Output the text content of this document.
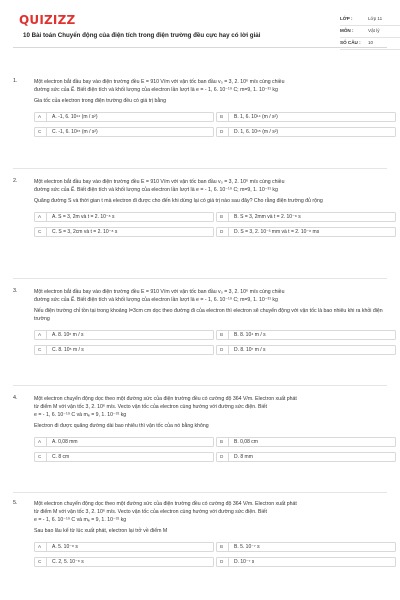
QUIZIZZ
10 Bài toán Chuyển động của điện tích trong điện trường đều cực hay có lời giải
LỚP :	Lớp 11
MÔN :	Vật lý
SỐ CÂU :	10
1.	Một electron bắt đầu bay vào điện trường đều E = 910 V/m với vận tốc ban đầu v₀ = 3, 2. 10⁶ m/s cùng chiều
đường sức của E⃗. Biết điện tích và khối lượng của electron lần lượt là e = - 1, 6. 10⁻¹⁹ C; m=9, 1. 10⁻³¹ kg
Gia tốc của electron trong điện trường đều có giá trị bằng
A	A. -1, 6. 10¹⁴ (m / s²)	B	B. 1, 6. 10¹⁴ (m / s²)
C	C. -1, 6. 10¹⁵ (m / s²)	D	D. 1, 6. 10¹⁵ (m / s²)
2.	Một electron bắt đầu bay vào điện trường đều E = 910 V/m với vận tốc ban đầu v₀ = 3, 2. 10⁶ m/s cùng chiều
đường sức của E⃗. Biết điện tích và khối lượng của electron lần lượt là e = - 1, 6. 10⁻¹⁹ C; m=9, 1. 10⁻³¹ kg
Quãng đường S và thời gian t mà electron đi được cho đến khi dừng lại có giá trị nào sau đây? Cho rằng điện trường đủ rộng
A	A. S = 3, 2m và t = 2. 10⁻⁸ s	B	B. S = 3, 2mm và t = 2. 10⁻⁸ s
C	C. S = 3, 2cm và t = 2. 10⁻⁸ s	D	D. S = 3, 2. 10⁻³ mm và t = 2. 10⁻⁸ ms
3.	Một electron bắt đầu bay vào điện trường đều E = 910 V/m với vận tốc ban đầu v₀ = 3, 2. 10⁶ m/s cùng chiều
đường sức của E⃗. Biết điện tích và khối lượng của electron lần lượt là e = - 1, 6. 10⁻¹⁹ C; m=9, 1. 10⁻³¹ kg
Nếu điện trường chỉ tồn tại trong khoảng l=3cm cm dọc theo đường đi của electron thì electron sẽ chuyển động với vận tốc là bao nhiêu khi ra khỏi điện trường
A	A. 8. 10⁶ m / s	B	B. 8. 10⁴ m / s
C	C. 8. 10⁵ m / s	D	D. 8. 10⁷ m / s
4.	Một electron chuyển động dọc theo một đường sức của điện trường đều có cường độ 364 V/m. Electron xuất phát
từ điểm M với vận tốc 3, 2. 10⁶ m/s. Vecto vận tốc của electron cùng hướng với đường sức điện. Biết
e = - 1, 6. 10⁻¹⁹ C và mₑ = 9, 1. 10⁻³¹ kg
Electron đi được quãng đường dài bao nhiêu thì vận tốc của nó bằng không
A	A. 0,08 mm	B	B. 0,08 cm
C	C. 8 cm	D	D. 8 mm
5.	Một electron chuyển động dọc theo một đường sức của điện trường đều có cường độ 364 V/m. Electron xuất phát
từ điểm M với vận tốc 3, 2. 10⁶ m/s. Vecto vận tốc của electron cùng hướng với đường sức điện. Biết
e = - 1, 6. 10⁻¹⁹ C và mₑ = 9, 1. 10⁻³¹ kg
Sau bao lâu kể từ lúc xuất phát, electron lại trở về điểm M
A	A. 5. 10⁻⁸ s	B	B. 5. 10⁻⁷ s
C	C. 2, 5. 10⁻⁸ s	D	D. 10⁻⁷ s
